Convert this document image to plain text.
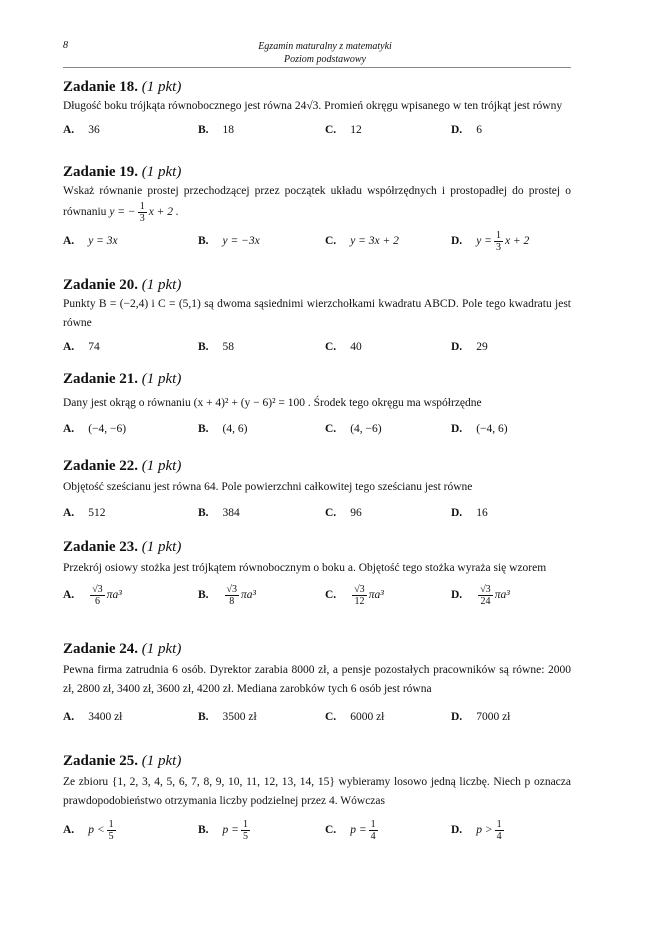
8	Egzamin maturalny z matematyki
Poziom podstawowy
Zadanie 18. (1 pkt)
Długość boku trójkąta równobocznego jest równa 24√3. Promień okręgu wpisanego w ten trójkąt jest równy
A. 36	B. 18	C. 12	D. 6
Zadanie 19. (1 pkt)
Wskaż równanie prostej przechodzącej przez początek układu współrzędnych i prostopadłej do prostej o równaniu y = − $\frac{1}{3}$ x + 2 .
A. y = 3x	B. y = −3x	C. y = 3x + 2	D. $y = \frac{1}{3}$ x + 2
Zadanie 20. (1 pkt)
Punkty B = (−2,4) i C = (5,1) są dwoma sąsiednimi wierzchołkami kwadratu ABCD. Pole tego kwadratu jest równe
A. 74	B. 58	C. 40	D. 29
Zadanie 21. (1 pkt)
Dany jest okrąg o równaniu (x + 4)² + (y − 6)² = 100 . Środek tego okręgu ma współrzędne
A. (−4, −6)	B. (4, 6)	C. (4, −6)	D. (−4, 6)
Zadanie 22. (1 pkt)
Objętość sześcianu jest równa 64. Pole powierzchni całkowitej tego sześcianu jest równe
A. 512	B. 384	C. 96	D. 16
Zadanie 23. (1 pkt)
Przekrój osiowy stożka jest trójkątem równobocznym o boku a. Objętość tego stożka wyraża się wzorem
A. $\frac{√3}{6} \pi a^3$	B. $\frac{√3}{8} \pi a^3$	C. $\frac{√3}{12} \pi a^3$	D. $\frac{√3}{24} \pi a^3$
Zadanie 24. (1 pkt)
Pewna firma zatrudnia 6 osób. Dyrektor zarabia 8000 zł, a pensje pozostałych pracowników są równe: 2000 zł, 2800 zł, 3400 zł, 3600 zł, 4200 zł. Mediana zarobków tych 6 osób jest równa
A. 3400 zł	B. 3500 zł	C. 6000 zł	D. 7000 zł
Zadanie 25. (1 pkt)
Ze zbioru {1, 2, 3, 4, 5, 6, 7, 8, 9, 10, 11, 12, 13, 14, 15} wybieramy losowo jedną liczbę. Niech p oznacza prawdopodobieństwo otrzymania liczby podzielnej przez 4. Wówczas
A. $p < \frac{1}{5}$	B. $p = \frac{1}{5}$	C. $p = \frac{1}{4}$	D. $p > \frac{1}{4}$
